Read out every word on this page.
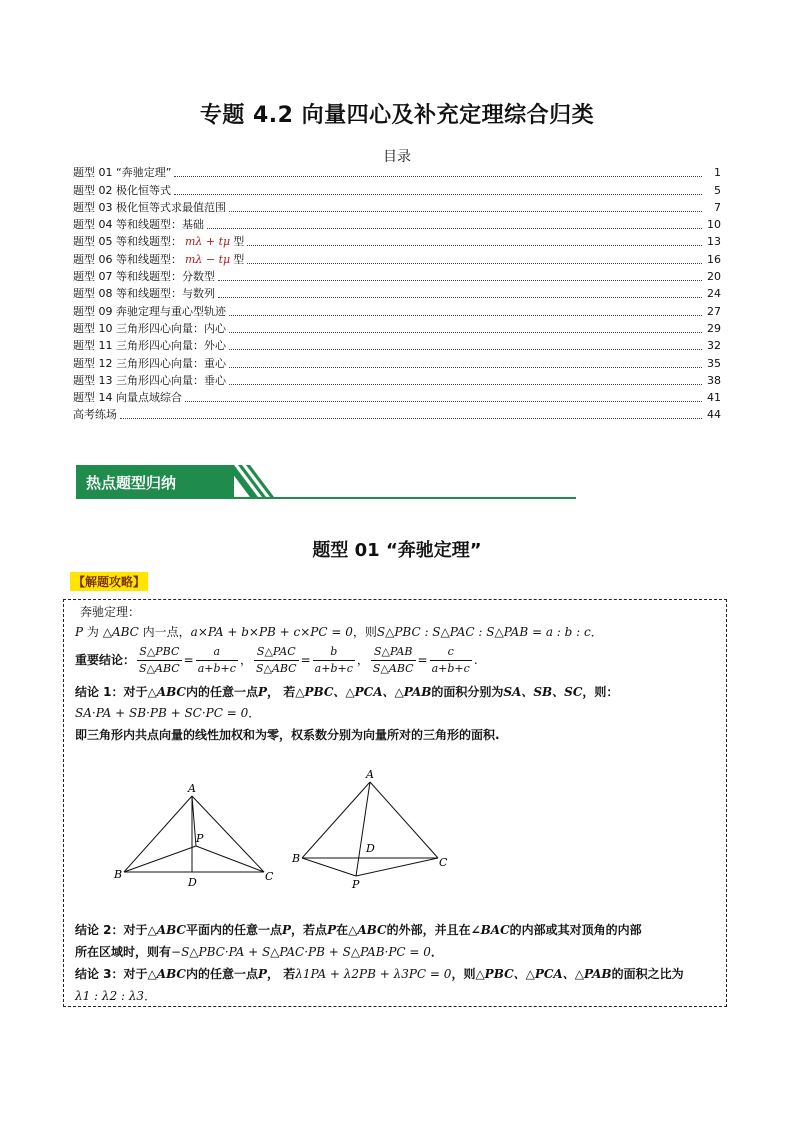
专题 4.2 向量四心及补充定理综合归类
目录
题型 01 “奔驰定理”	1
题型 02 极化恒等式	5
题型 03 极化恒等式求最值范围	7
题型 04 等和线题型：基础	10
题型 05 等和线题型： mλ + tμ 型	13
题型 06 等和线题型： mλ − tμ 型	16
题型 07 等和线题型：分数型	20
题型 08 等和线题型：与数列	24
题型 09 奔驰定理与重心型轨迹	27
题型 10 三角形四心向量：内心	29
题型 11 三角形四心向量：外心	32
题型 12 三角形四心向量：重心	35
题型 13 三角形四心向量：垂心	38
题型 14 向量点域综合	41
高考练场	44
热点题型归纳
题型 01 “奔驰定理”
【解题攻略】
奔驰定理：
P 为 △ABC 内一点，a×PA + b×PB + c×PC = 0，则S△PBC : S△PAC : S△PAB = a : b : c．
重要结论： $\frac{\text{S△PBC}}{\text{S△ABC}} = \frac{a}{a+b+c}$ ， $\frac{\text{S△PAC}}{\text{S△ABC}} = \frac{b}{a+b+c}$ ， $\frac{\text{S△PAB}}{\text{S△ABC}} = \frac{c}{a+b+c}$ .
结论 1：对于△ABC内的任意一点P， 若△PBC、△PCA、△PAB的面积分别为SA、SB、SC，则：
SA·PA + SB·PB + SC·PC = 0．
即三角形内共点向量的线性加权和为零，权系数分别为向量所对的三角形的面积.
A
B	C
P
D
A
B	C
P
D
结论 2：对于△ABC平面内的任意一点P，若点P在△ABC的外部，并且在∠BAC的内部或其对顶角的内部
所在区域时，则有−S△PBC·PA + S△PAC·PB + S△PAB·PC = 0．
结论 3：对于△ABC内的任意一点P， 若λ1PA + λ2PB + λ3PC = 0，则△PBC、△PCA、△PAB的面积之比为
λ1 : λ2 : λ3．
